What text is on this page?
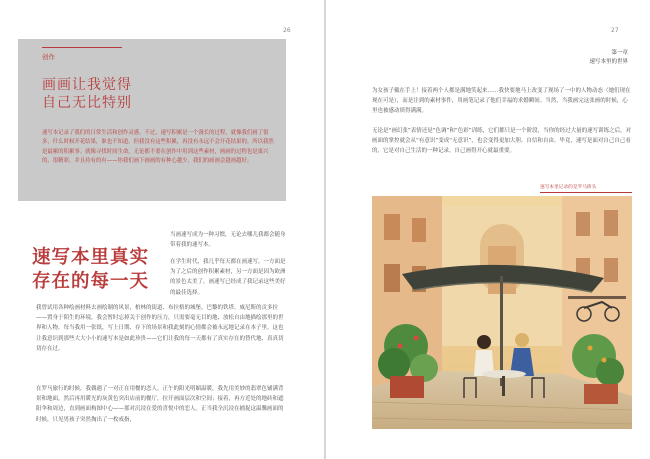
26
创作
画画让我觉得
自己无比特别

速写本记录了我们的日常生活和创作灵感。不过，速写积累是一个漫长的过程，就像我们画了很多，什么时候开花结果，谁也不知道。但我没有这些积累，再没有永远不会开花结果的。所以我然是最累的积累事。就像寻找时间生命，无论都不要在创作中用到这些素材，画画的过程也是寓兴的、很精彩，并且持有的有——你我们画下画画的有种心越少，我们的画画会越画越好。

速写本里真实
存在的每一天

当画速写成为一种习惯，无论去哪儿我都会随身带着我的速写本。

在学生时代，我几乎每天都在画速写，一方面是为了之后的创作积累素材，另一方面是因为欧洲的景色太美了，画速写已经成了我记录这些美好的最佳选择。

我曾试用各种绘画材料去画绘制的风景，柏林的街道、布拉格的城堡、巴黎的铁塔、威尼斯的贡多拉——置身于陌生的环境，我会暂时忘掉关于创作的压力，只需要毫无目的地、放松自由地描绘那里的世界和人物。每当我用一张纸，写上日期、存下的场景和我此刻的心情都会被永远地记录在本子里。这也让我意识到那些大大小小的速写本是如此珍贵——它们让我的每一天都有了真实存在的替代地、真真切切存在过。

在罗马旅行的时候，我偶遇了一对正在用餐的恋人。正午的阳光明媚温暖，我先用美妙的翡翠色铺满背景和地面，然后再用暖光的灰黄色突出店前的餐厅，拉开画面层次和空间；接着，再方近处的地砖和遮阳伞和周边，直到画面构图中心——那对沉浸在爱的喜悦中的恋人。正当我全沉浸在捕捉这温馨画面的时候，只见男孩子突然掏出了一枚戒指，

27
第一章
速写本里的世界

为女孩子戴在手上！接着两个人都是满地笑起来……我快要地马上改变了现场了一中的人物动态（她们现在现在可是），而是注到的素材事件，用画笔记录了他们幸福的求婚瞬间。当然，当我画完这张画的时候，心里也被感动填得满满。

无论是“画幻张”表情还是“色调”和“色彩”训练，它们都只是一个阶段，当你的经过大量的速写训练之后，对画面的掌控就会从“有意识”变成“无意识”，也会变得更加大胆、自信和自由。毕竟，速写是面对自己自己看的，它是对自己生活的一种记录，自己画得开心就最重要。

速写本里记录的是罗马街头
